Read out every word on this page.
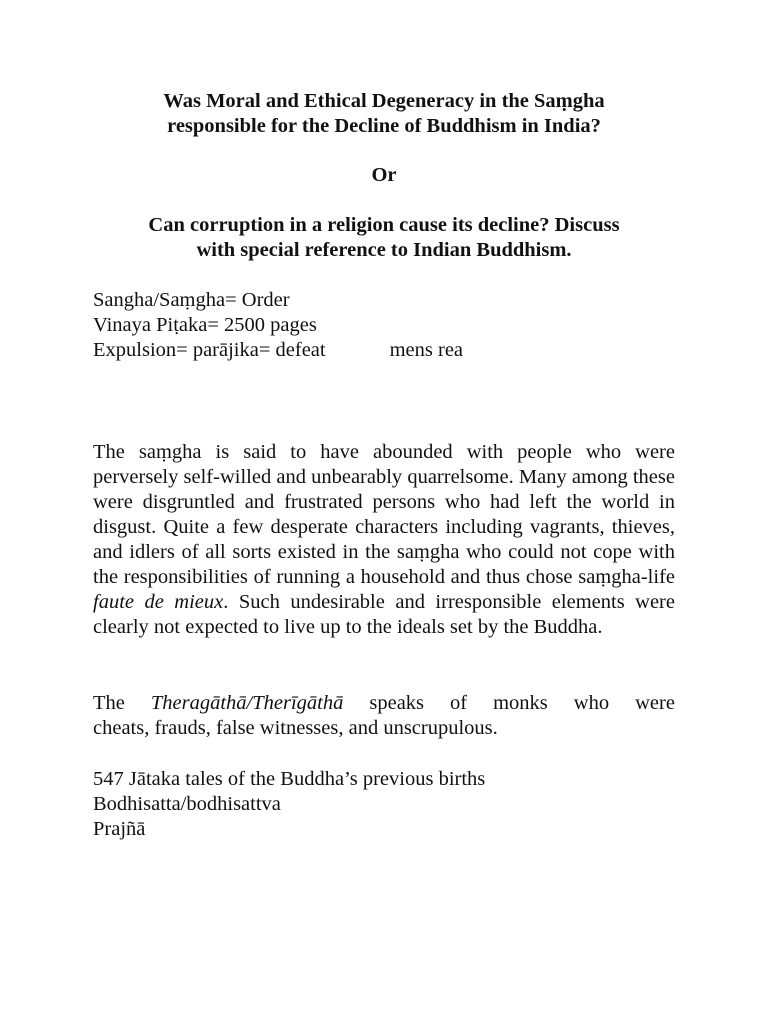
Was Moral and Ethical Degeneracy in the Saṃgha
responsible for the Decline of Buddhism in India?
Or
Can corruption in a religion cause its decline? Discuss
with special reference to Indian Buddhism.
Sangha/Saṃgha= Order
Vinaya Piṭaka= 2500 pages
Expulsion= parājika= defeat	mens rea

The saṃgha is said to have abounded with people who were perversely self-willed and unbearably quarrelsome. Many among these were disgruntled and frustrated persons who had left the world in disgust. Quite a few desperate characters including vagrants, thieves, and idlers of all sorts existed in the saṃgha who could not cope with the responsibilities of running a household and thus chose saṃgha-life faute de mieux. Such undesirable and irresponsible elements were clearly not expected to live up to the ideals set by the Buddha.

The Theragāthā/Therīgāthā speaks of monks who were
cheats, frauds, false witnesses, and unscrupulous.
547 Jātaka tales of the Buddha’s previous births
Bodhisatta/bodhisattva
Prajñā
